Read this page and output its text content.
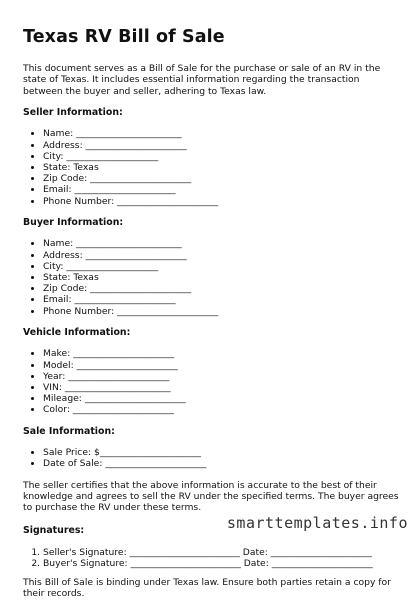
Texas RV Bill of Sale

This document serves as a Bill of Sale for the purchase or sale of an RV in the state of Texas. It includes essential information regarding the transaction between the buyer and seller, adhering to Texas law.

Seller Information:
• Name: _______________________
• Address: ______________________
• City: ____________________
• State: Texas
• Zip Code: ______________________
• Email: ______________________
• Phone Number: ______________________
Buyer Information:
• Name: _______________________
• Address: ______________________
• City: ____________________
• State: Texas
• Zip Code: ______________________
• Email: ______________________
• Phone Number: ______________________
Vehicle Information:
• Make: ______________________
• Model: ______________________
• Year: ______________________
• VIN: _______________________
• Mileage: ______________________
• Color: ______________________
Sale Information:
• Sale Price: $______________________
• Date of Sale: ______________________

The seller certifies that the above information is accurate to the best of their knowledge and agrees to sell the RV under the specified terms. The buyer agrees to purchase the RV under these terms.

Signatures:
1. Seller's Signature: ________________________ Date: ______________________
2. Buyer's Signature: ________________________ Date: ______________________

This Bill of Sale is binding under Texas law. Ensure both parties retain a copy for their records.

smarttemplates.info
